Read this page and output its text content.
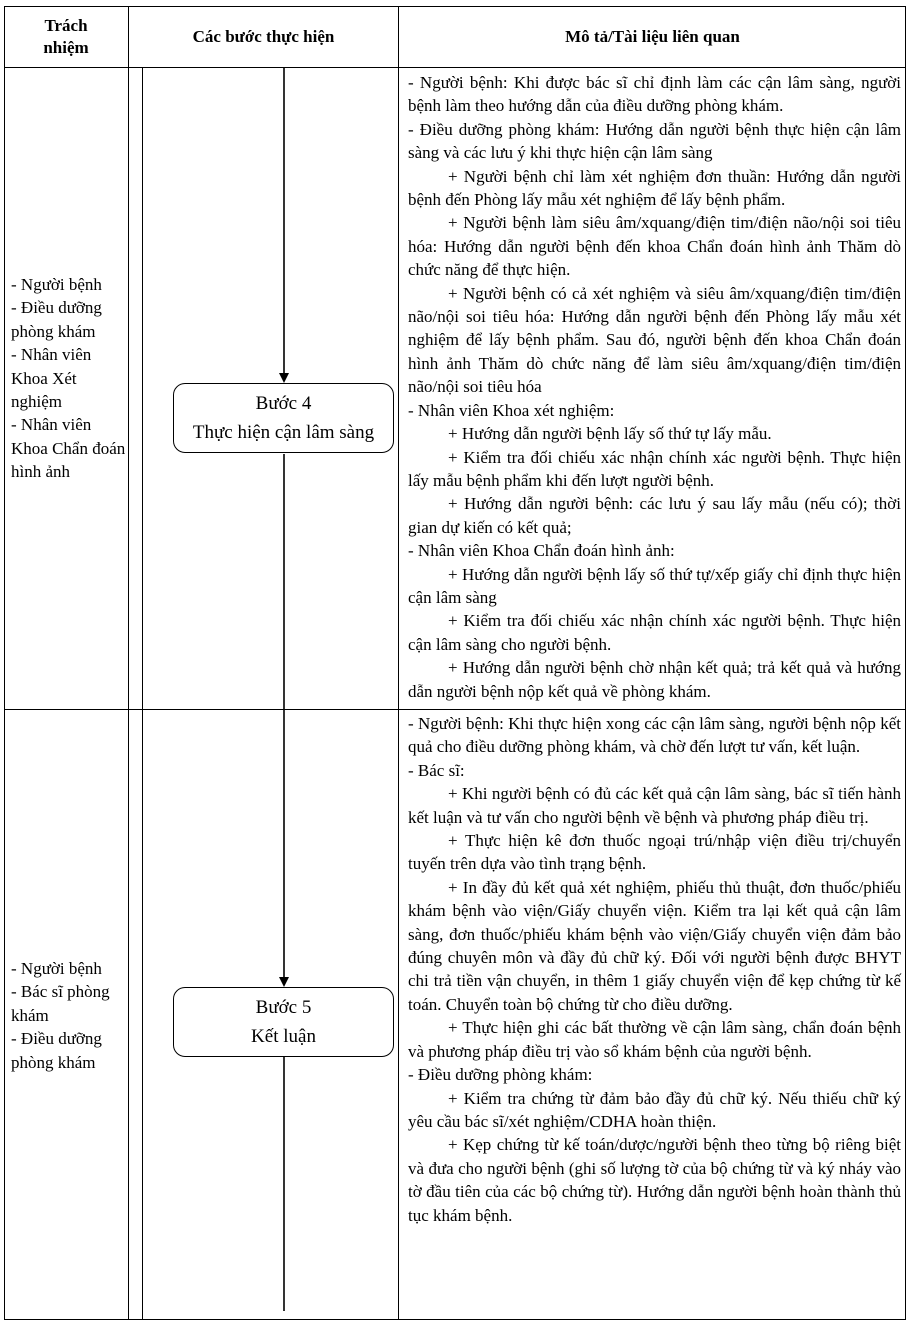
Trách nhiệm
Các bước thực hiện	Mô tả/Tài liệu liên quan
- Người bệnh
- Điều dưỡng phòng khám
- Nhân viên Khoa Xét nghiệm
- Nhân viên Khoa Chẩn đoán hình ảnh
Bước 4
Thực hiện cận lâm sàng

- Người bệnh: Khi được bác sĩ chỉ định làm các cận lâm sàng, người bệnh làm theo hướng dẫn của điều dưỡng phòng khám.

- Điều dưỡng phòng khám: Hướng dẫn người bệnh thực hiện cận lâm sàng và các lưu ý khi thực hiện cận lâm sàng

+ Người bệnh chỉ làm xét nghiệm đơn thuần: Hướng dẫn người bệnh đến Phòng lấy mẫu xét nghiệm để lấy bệnh phẩm.

+ Người bệnh làm siêu âm/xquang/điện tim/điện não/nội soi tiêu hóa: Hướng dẫn người bệnh đến khoa Chẩn đoán hình ảnh Thăm dò chức năng để thực hiện.

+ Người bệnh có cả xét nghiệm và siêu âm/xquang/điện tim/điện não/nội soi tiêu hóa: Hướng dẫn người bệnh đến Phòng lấy mẫu xét nghiệm để lấy bệnh phẩm. Sau đó, người bệnh đến khoa Chẩn đoán hình ảnh Thăm dò chức năng để làm siêu âm/xquang/điện tim/điện não/nội soi tiêu hóa

- Nhân viên Khoa xét nghiệm:

+ Hướng dẫn người bệnh lấy số thứ tự lấy mẫu.

+ Kiểm tra đối chiếu xác nhận chính xác người bệnh. Thực hiện lấy mẫu bệnh phẩm khi đến lượt người bệnh.

+ Hướng dẫn người bệnh: các lưu ý sau lấy mẫu (nếu có); thời gian dự kiến có kết quả;

- Nhân viên Khoa Chẩn đoán hình ảnh:

+ Hướng dẫn người bệnh lấy số thứ tự/xếp giấy chỉ định thực hiện cận lâm sàng

+ Kiểm tra đối chiếu xác nhận chính xác người bệnh. Thực hiện cận lâm sàng cho người bệnh.

+ Hướng dẫn người bệnh chờ nhận kết quả; trả kết quả và hướng dẫn người bệnh nộp kết quả về phòng khám.

- Người bệnh
- Bác sĩ phòng khám
- Điều dưỡng phòng khám
Bước 5
Kết luận

- Người bệnh: Khi thực hiện xong các cận lâm sàng, người bệnh nộp kết quả cho điều dưỡng phòng khám, và chờ đến lượt tư vấn, kết luận.

- Bác sĩ:

+ Khi người bệnh có đủ các kết quả cận lâm sàng, bác sĩ tiến hành kết luận và tư vấn cho người bệnh về bệnh và phương pháp điều trị.

+ Thực hiện kê đơn thuốc ngoại trú/nhập viện điều trị/chuyển tuyến trên dựa vào tình trạng bệnh.

+ In đầy đủ kết quả xét nghiệm, phiếu thủ thuật, đơn thuốc/phiếu khám bệnh vào viện/Giấy chuyển viện. Kiểm tra lại kết quả cận lâm sàng, đơn thuốc/phiếu khám bệnh vào viện/Giấy chuyển viện đảm bảo đúng chuyên môn và đầy đủ chữ ký. Đối với người bệnh được BHYT chi trả tiền vận chuyển, in thêm 1 giấy chuyển viện để kẹp chứng từ kế toán. Chuyển toàn bộ chứng từ cho điều dưỡng.

+ Thực hiện ghi các bất thường về cận lâm sàng, chẩn đoán bệnh và phương pháp điều trị vào sổ khám bệnh của người bệnh.

- Điều dưỡng phòng khám:

+ Kiểm tra chứng từ đảm bảo đầy đủ chữ ký. Nếu thiếu chữ ký yêu cầu bác sĩ/xét nghiệm/CDHA hoàn thiện.

+ Kẹp chứng từ kế toán/dược/người bệnh theo từng bộ riêng biệt và đưa cho người bệnh (ghi số lượng tờ của bộ chứng từ và ký nháy vào tờ đầu tiên của các bộ chứng từ). Hướng dẫn người bệnh hoàn thành thủ tục khám bệnh.
